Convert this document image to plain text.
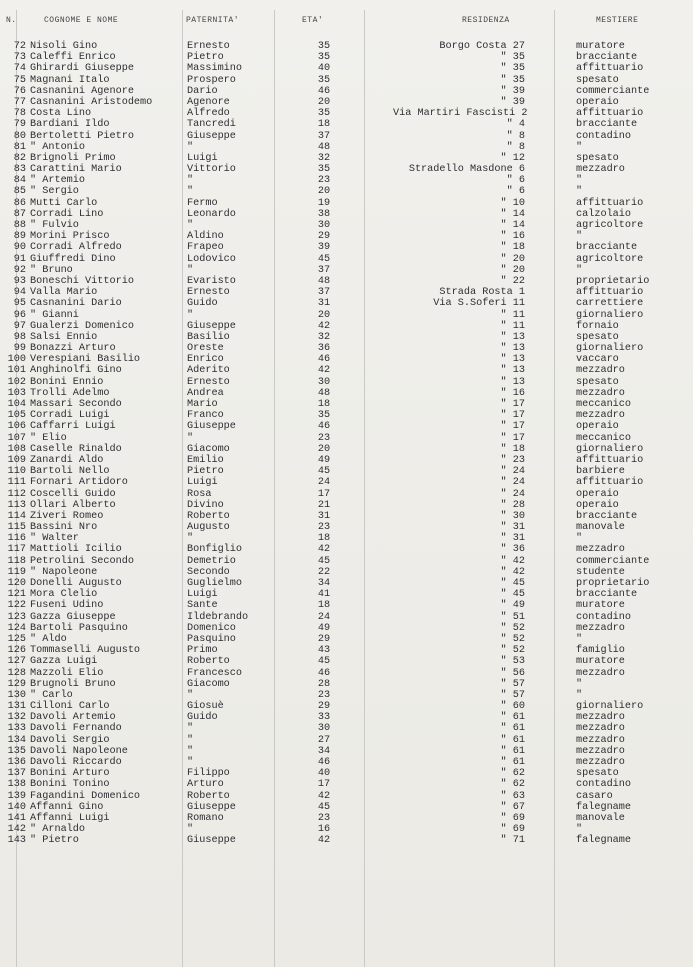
N.	COGNOME E NOME	PATERNITA'	ETA'	RESIDENZA	MESTIERE
72 Nisoli Gino	Ernesto	35	Borgo Costa 27	muratore
73 Caleffi Enrico	Pietro	35	" 35	bracciante
74 Ghirardi Giuseppe	Massimino	40	" 35	affittuario
75 Magnani Italo	Prospero	35	" 35	spesato
76 Casnanini Agenore	Dario	46	" 39	commerciante
77 Casnanini Aristodemo	Agenore	20	" 39	operaio
78 Costa Lino	Alfredo	35	Via Martiri Fascisti 2	affittuario
79 Bardiani Ildo	Tancredi	18	" 4	bracciante
80 Bertoletti Pietro	Giuseppe	37	" 8	contadino
81 " Antonio	"	48	" 8	"
82 Brignoli Primo	Luigi	32	" 12	spesato
83 Carattini Mario	Vittorio	35	Stradello Masdone 6	mezzadro
84 " Artemio	"	23	" 6	"
85 " Sergio	"	20	" 6	"
86 Mutti Carlo	Fermo	19	" 10	affittuario
87 Corradi Lino	Leonardo	38	" 14	calzolaio
88 " Fulvio	"	30	" 14	agricoltore
89 Morini Prisco	Aldino	29	" 16	"
90 Corradi Alfredo	Frapeo	39	" 18	bracciante
91 Giuffredi Dino	Lodovico	45	" 20	agricoltore
92 " Bruno	"	37	" 20	"
93 Boneschi Vittorio	Evaristo	48	" 22	proprietario
94 Valla Mario	Ernesto	37	Strada Rosta 1	affittuario
95 Casnanini Dario	Guido	31	Via S.Soferi 11	carrettiere
96 " Gianni	"	20	" 11	giornaliero
97 Gualerzi Domenico	Giuseppe	42	" 11	fornaio
98 Salsi Ennio	Basilio	32	" 13	spesato
99 Bonazzi Arturo	Oreste	36	" 13	giornaliero
100 Verespiani Basilio	Enrico	46	" 13	vaccaro
101 Anghinolfi Gino	Aderito	42	" 13	mezzadro
102 Bonini Ennio	Ernesto	30	" 13	spesato
103 Trolli Adelmo	Andrea	48	" 16	mezzadro
104 Massari Secondo	Mario	18	" 17	meccanico
105 Corradi Luigi	Franco	35	" 17	mezzadro
106 Caffarri Luigi	Giuseppe	46	" 17	operaio
107 " Elio	"	23	" 17	meccanico
108 Caselle Rinaldo	Giacomo	20	" 18	giornaliero
109 Zanardi Aldo	Emilio	49	" 23	affittuario
110 Bartoli Nello	Pietro	45	" 24	barbiere
111 Fornari Artidoro	Luigi	24	" 24	affittuario
112 Coscelli Guido	Rosa	17	" 24	operaio
113 Ollari Alberto	Divino	21	" 28	operaio
114 Ziveri Romeo	Roberto	31	" 30	bracciante
115 Bassini Nro	Augusto	23	" 31	manovale
116 " Walter	"	18	" 31	"
117 Mattioli Icilio	Bonfiglio	42	" 36	mezzadro
118 Petrolini Secondo	Demetrio	45	" 42	commerciante
119 " Napoleone	Secondo	22	" 42	studente
120 Donelli Augusto	Guglielmo	34	" 45	proprietario
121 Mora Clelio	Luigi	41	" 45	bracciante
122 Fuseni Udino	Sante	18	" 49	muratore
123 Gazza Giuseppe	Ildebrando	24	" 51	contadino
124 Bartoli Pasquino	Domenico	49	" 52	mezzadro
125 " Aldo	Pasquino	29	" 52	"
126 Tommaselli Augusto	Primo	43	" 52	famiglio
127 Gazza Luigi	Roberto	45	" 53	muratore
128 Mazzoli Elio	Francesco	46	" 56	mezzadro
129 Brugnoli Bruno	Giacomo	28	" 57	"
130 " Carlo	"	23	" 57	"
131 Cilloni Carlo	Giosuè	29	" 60	giornaliero
132 Davoli Artemio	Guido	33	" 61	mezzadro
133 Davoli Fernando	"	30	" 61	mezzadro
134 Davoli Sergio	"	27	" 61	mezzadro
135 Davoli Napoleone	"	34	" 61	mezzadro
136 Davoli Riccardo	"	46	" 61	mezzadro
137 Bonini Arturo	Filippo	40	" 62	spesato
138 Bonini Tonino	Arturo	17	" 62	contadino
139 Fagandini Domenico	Roberto	42	" 63	casaro
140 Affanni Gino	Giuseppe	45	" 67	falegname
141 Affanni Luigi	Romano	23	" 69	manovale
142 " Arnaldo	"	16	" 69	"
143 " Pietro	Giuseppe	42	" 71	falegname
